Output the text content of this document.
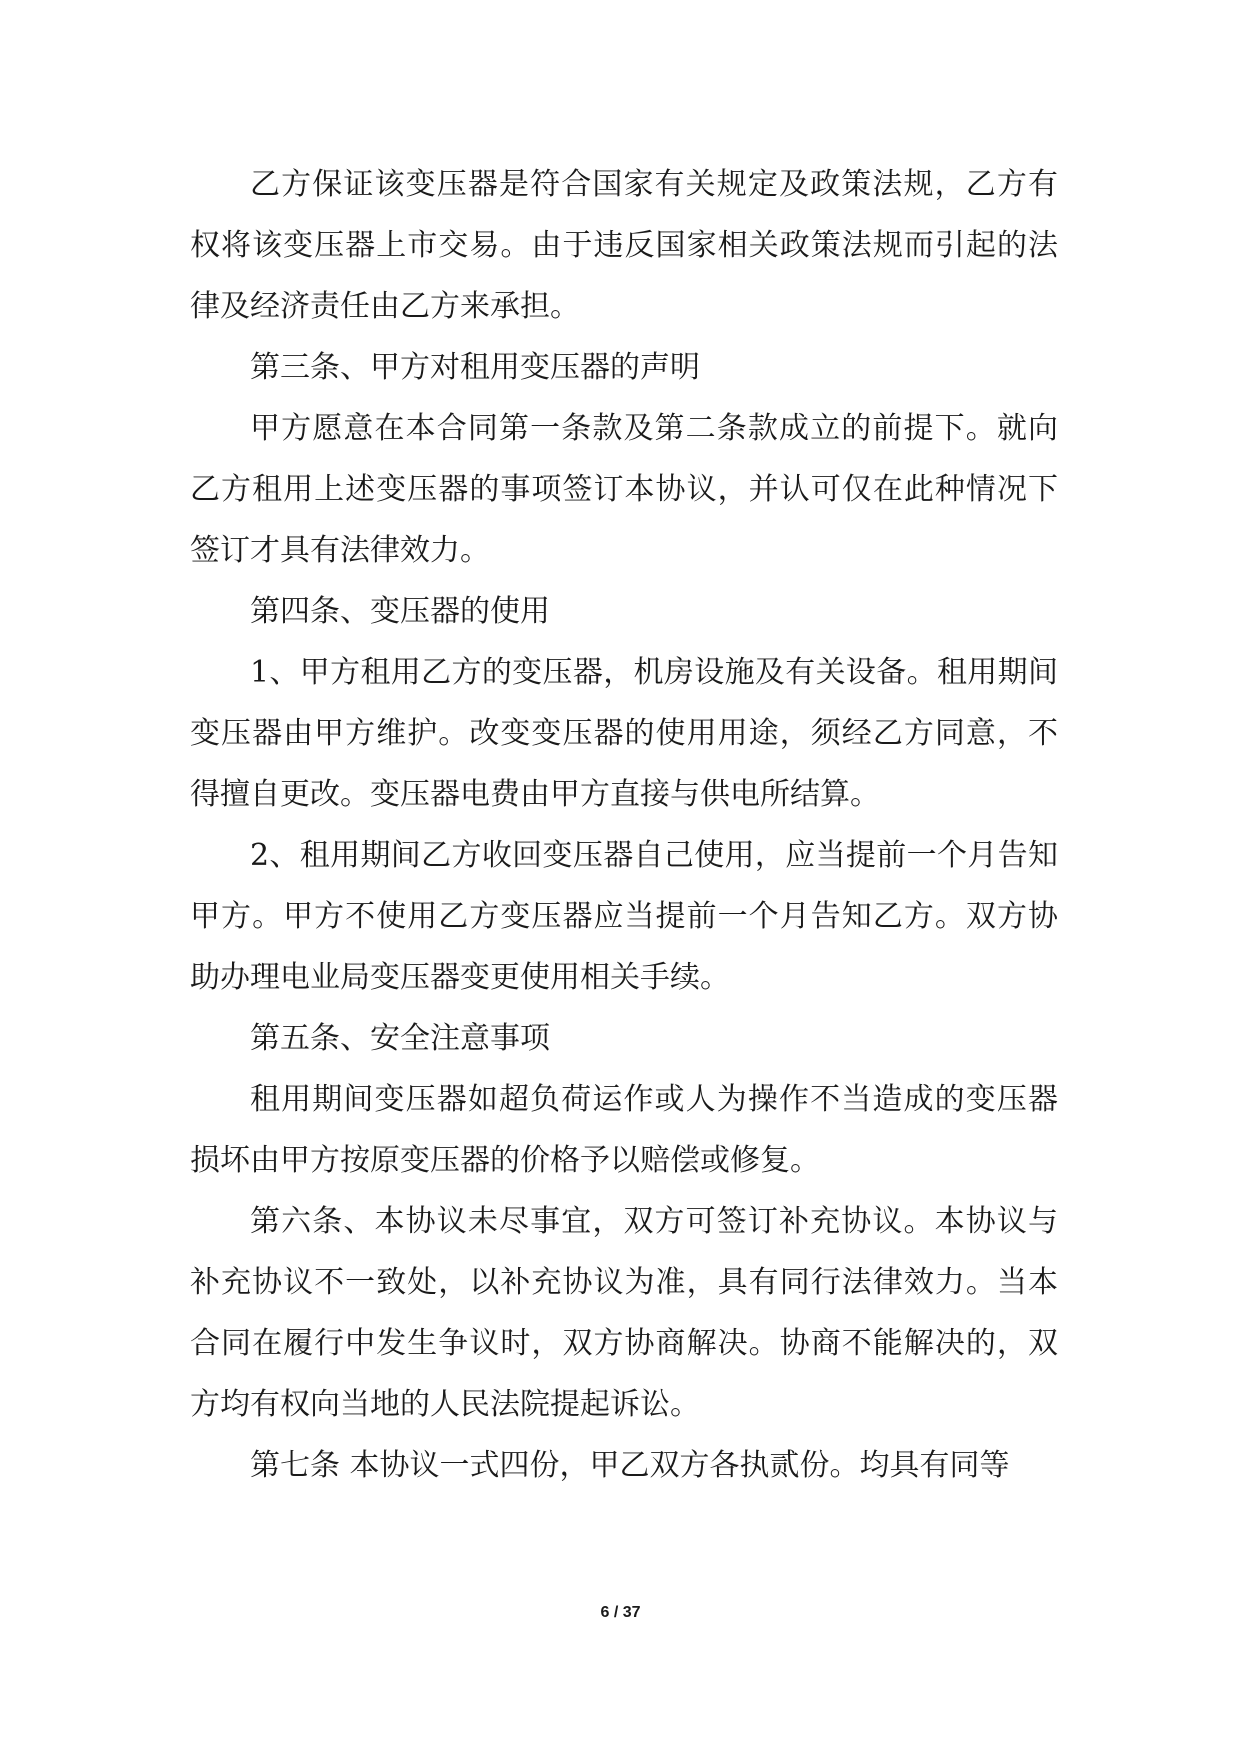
乙方保证该变压器是符合国家有关规定及政策法规，乙方有权将该变压器上市交易。由于违反国家相关政策法规而引起的法律及经济责任由乙方来承担。

第三条、甲方对租用变压器的声明

甲方愿意在本合同第一条款及第二条款成立的前提下。就向乙方租用上述变压器的事项签订本协议，并认可仅在此种情况下签订才具有法律效力。

第四条、变压器的使用

1、甲方租用乙方的变压器，机房设施及有关设备。租用期间变压器由甲方维护。改变变压器的使用用途，须经乙方同意，不得擅自更改。变压器电费由甲方直接与供电所结算。

2、租用期间乙方收回变压器自己使用，应当提前一个月告知甲方。甲方不使用乙方变压器应当提前一个月告知乙方。双方协助办理电业局变压器变更使用相关手续。

第五条、安全注意事项

租用期间变压器如超负荷运作或人为操作不当造成的变压器损坏由甲方按原变压器的价格予以赔偿或修复。

第六条、本协议未尽事宜，双方可签订补充协议。本协议与补充协议不一致处，以补充协议为准，具有同行法律效力。当本合同在履行中发生争议时，双方协商解决。协商不能解决的，双方均有权向当地的人民法院提起诉讼。

第七条 本协议一式四份，甲乙双方各执贰份。均具有同等

6 / 37
